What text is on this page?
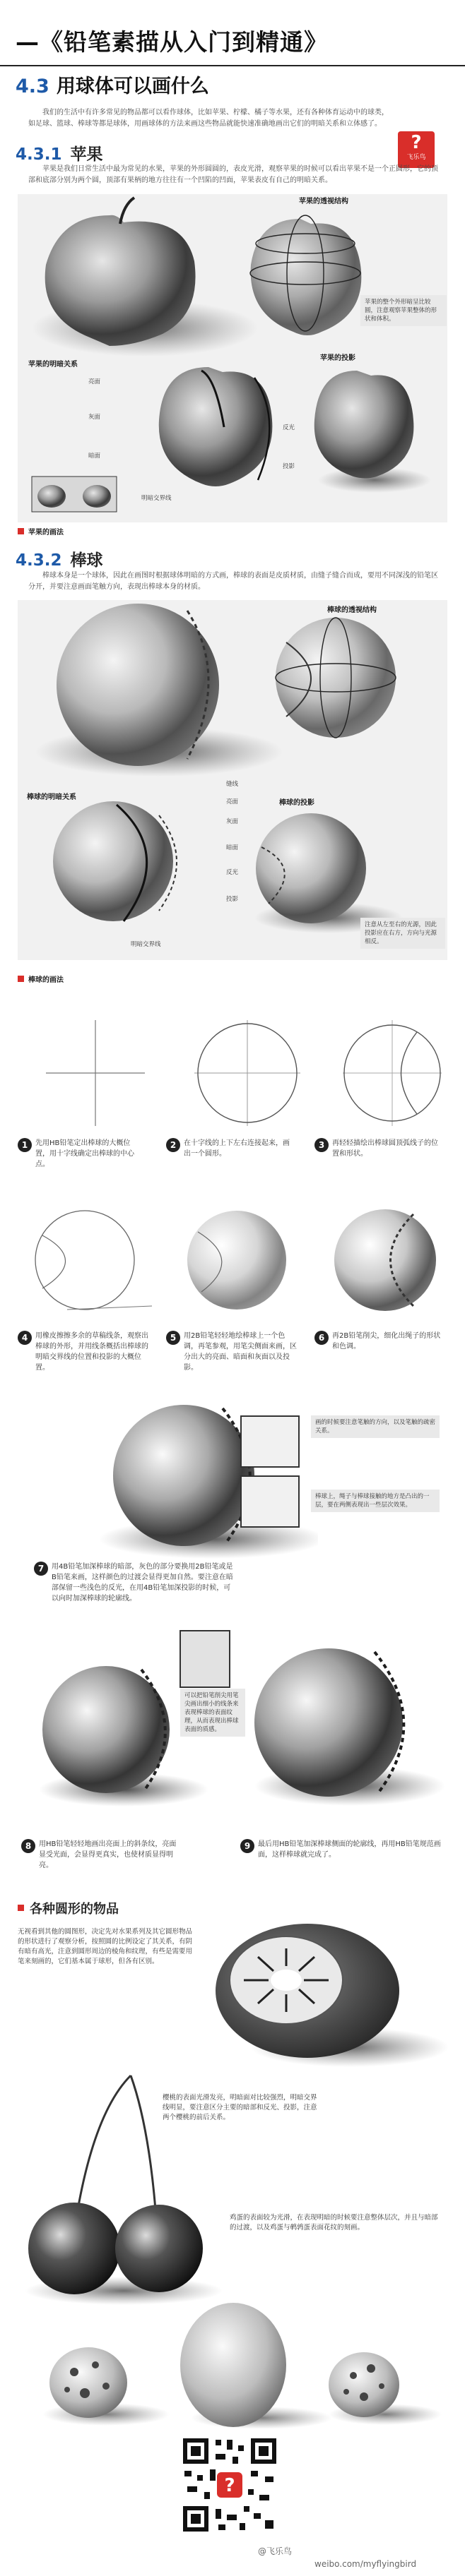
—《铅笔素描从入门到精通》
4.3 用球体可以画什么
?
飞乐鸟
我们的生活中有许多常见的物品都可以看作球体，比如苹果、柠檬、橘子等水果，还有各种体育运动中的球类，如足球、篮球、棒球等都是球体，用画球体的方法来画这些物品就能快速准确地画出它们的明暗关系和立体感了。
4.3.1 苹果
苹果是我们日常生活中最为常见的水果，苹果的外形圆圆的，表皮光滑，观察苹果的时候可以看出苹果不是一个正圆形，它的顶部和底部分别为两个圆，顶部有果柄的地方往往有一个凹陷的凹面，苹果表皮有自己的明暗关系。
苹果的透视结构
苹果的整个外形暗呈比较圆，注意观察苹果整体的形状和体积。
苹果的明暗关系
苹果的投影
亮面
灰面
暗面
反光
投影
明暗交界线
苹果的画法
4.3.2 棒球
棒球本身是一个球体，因此在画图时根据球体明暗的方式画，棒球的表面是皮质材质，由缝子缝合而成，要用不同深浅的铅笔区分开，并要注意画面笔触方向，表现出棒球本身的材质。
棒球的透视结构
棒球的明暗关系
棒球的投影
缝线
亮面
灰面
暗面
反光
投影
明暗交界线
注意从左至右的光源，因此投影应在右方，方向与光源相反。
棒球的画法
1	先用HB铅笔定出棒球的大概位置，用十字线确定出棒球的中心点。
2	在十字线的上下左右连接起来，画出一个圆形。
3	再轻轻描绘出棒球圆顶弧线子的位置和形状。
4	用橡皮擦擦多余的草稿线条，观察出棒球的外形，并用线条概括出棒球的明暗交界线的位置和投影的大概位置。
5	用2B铅笔轻轻地绘棒球上一个色调，再笔参观，用笔尖侧面来画，区分出大的亮面、暗面和灰面以及投影。
6	再2B铅笔削尖，细化出绳子的形状和色调。
画的时候要注意笔触的方向，以及笔触的疏密关系。
棒球上，绳子与棒球接触的地方是凸出的一层，要在两侧表现出一些层次效果。
7	用4B铅笔加深棒球的暗部，灰色的部分要换用2B铅笔或是B铅笔来画，这样颜色的过渡会显得更加自然。要注意在暗部保留一些浅色的反光，在用4B铅笔加深投影的时候，可以向时加深棒球的轮廓线。
可以把铅笔削尖用笔尖画出细小的线条来表现棒球的表面纹理，从而表现出棒球表面的质感。
8	用HB铅笔轻轻地画出亮面上的斜条纹，亮面显受光面，会显得更真实，也使材质显得明亮。
9	最后用HB铅笔加深棒球侧面的轮廓线，再用HB铅笔规范画面，这样棒球就完成了。
各种圆形的物品
无视看到其他的圆图形，决定先对水果系列及其它圆形物品的形状进行了观察分析，按照圆的比例设定了其关系，有阴有暗有高光，注意到圆形周边的棱角和纹理，有些是需要用笔来刻画的，它们基本属于球形，但各有区别。
樱桃的表面光滑发亮，明暗面对比较强烈，明暗交界线明显，要注意区分主要的暗部和反光、投影，注意两个樱桃的前后关系。
鸡蛋的表面较为光滑，在表现明暗的时候要注意整体层次，并且与暗部的过渡，以及鸡蛋与鹌鹑蛋表面花纹的刻画。
?
@飞乐鸟
weibo.com/myflyingbird
